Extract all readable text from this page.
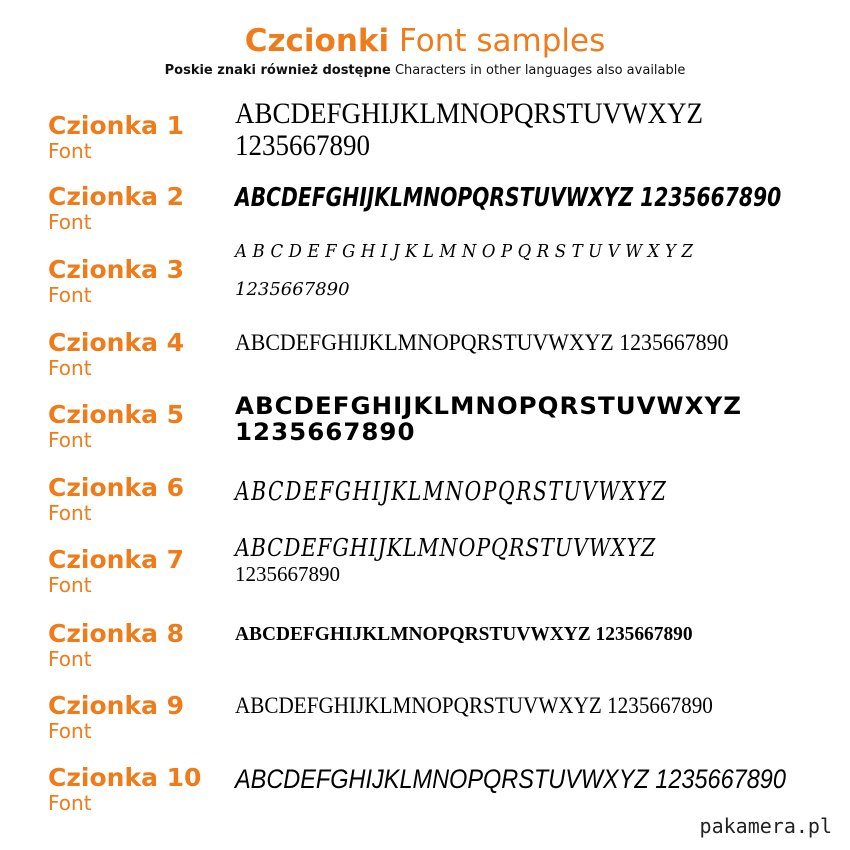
Czcionki Font samples
Poskie znaki również dostępne Characters in other languages also available
Czionka 1
Font
ABCDEFGHIJKLMNOPQRSTUVWXYZ
1235667890
Czionka 2
Font
ABCDEFGHIJKLMNOPQRSTUVWXYZ 1235667890
Czionka 3
Font
ABCDEFGHIJKLMNOPQRSTUVWXYZ
1235667890
Czionka 4
Font
ABCDEFGHIJKLMNOPQRSTUVWXYZ 1235667890
Czionka 5
Font
ABCDEFGHIJKLMNOPQRSTUVWXYZ
1235667890
Czionka 6
Font
ABCDEFGHIJKLMNOPQRSTUVWXYZ
Czionka 7
Font
ABCDEFGHIJKLMNOPQRSTUVWXYZ
1235667890
Czionka 8
Font
ABCDEFGHIJKLMNOPQRSTUVWXYZ 1235667890
Czionka 9
Font
ABCDEFGHIJKLMNOPQRSTUVWXYZ 1235667890
Czionka 10
Font
ABCDEFGHIJKLMNOPQRSTUVWXYZ 1235667890
pakamera.pl
